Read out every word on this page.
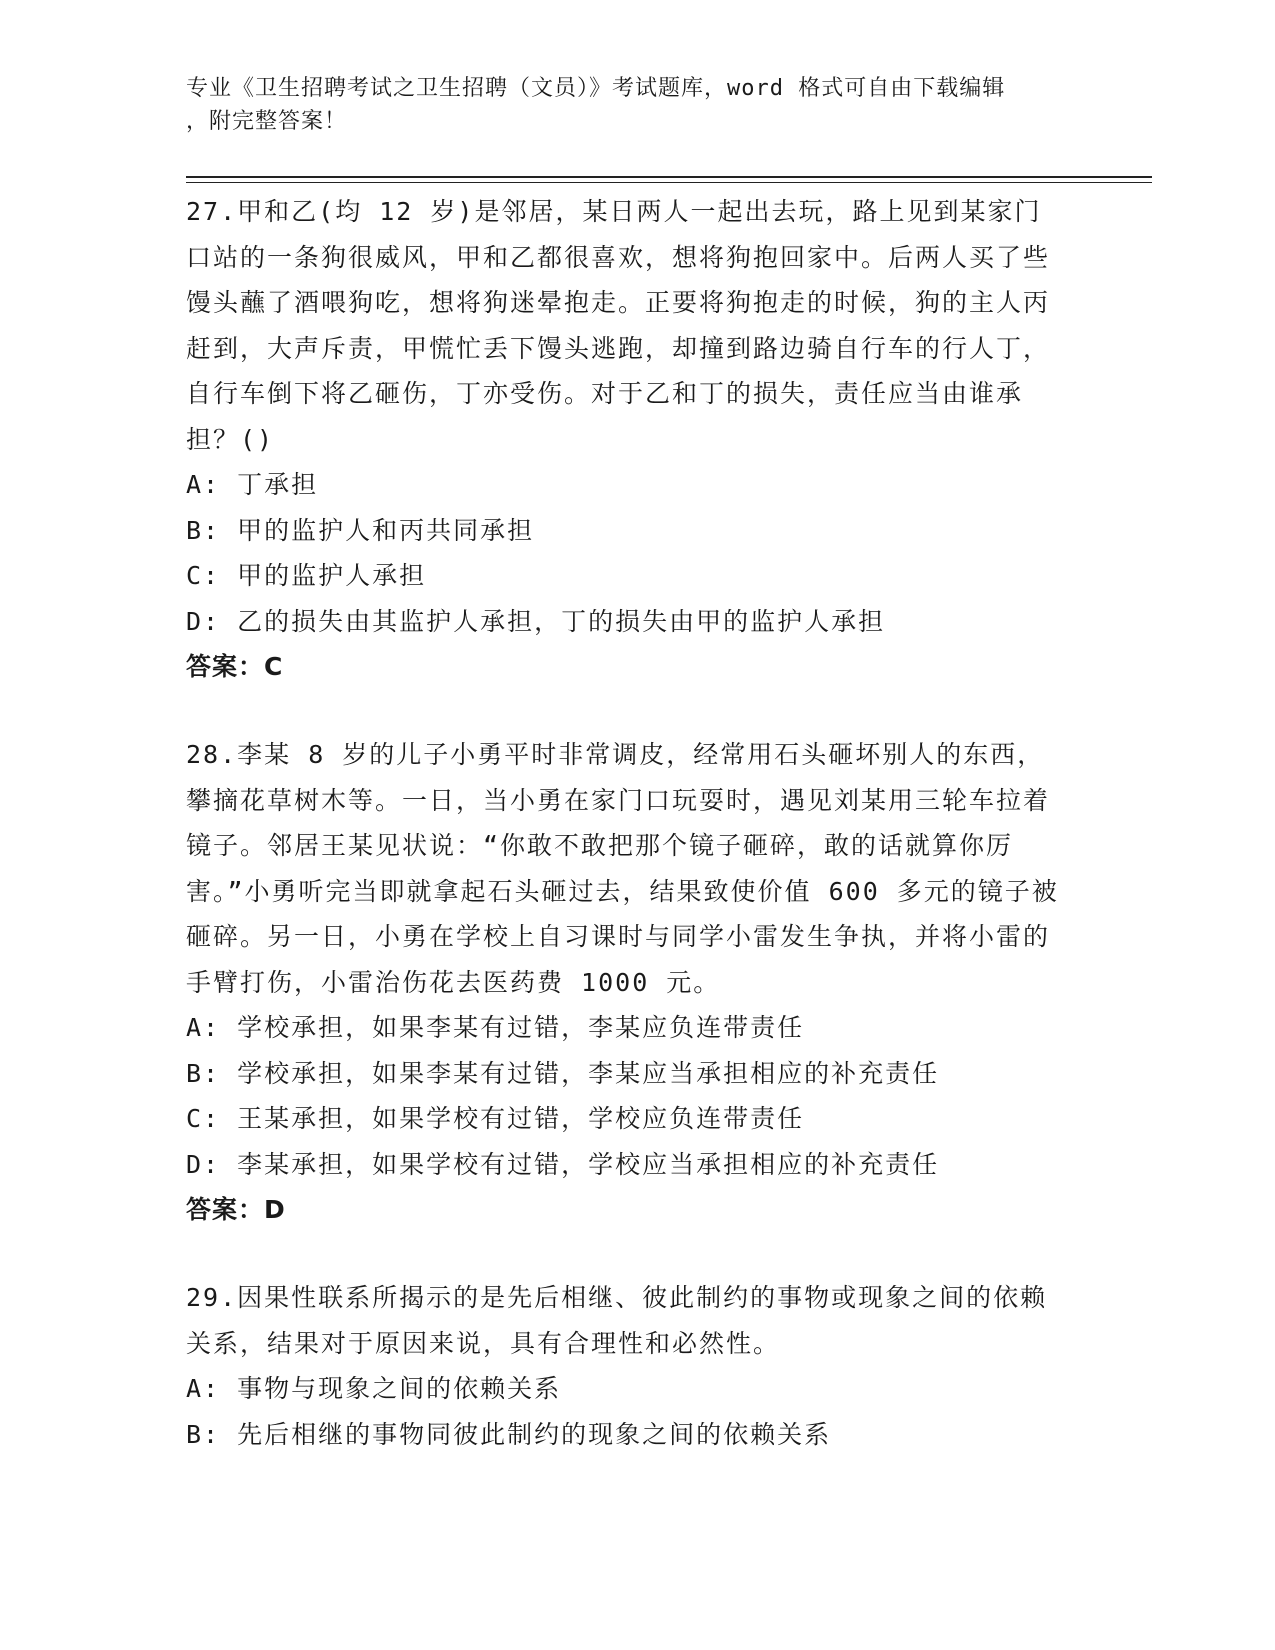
专业《卫生招聘考试之卫生招聘（文员）》考试题库，word 格式可自由下载编辑
，附完整答案！
27.甲和乙(均 12 岁)是邻居，某日两人一起出去玩，路上见到某家门口站的一条狗很威风，甲和乙都很喜欢，想将狗抱回家中。后两人买了些馒头蘸了酒喂狗吃，想将狗迷晕抱走。正要将狗抱走的时候，狗的主人丙赶到，大声斥责，甲慌忙丢下馒头逃跑，却撞到路边骑自行车的行人丁，自行车倒下将乙砸伤，丁亦受伤。对于乙和丁的损失，责任应当由谁承担？()
A: 丁承担
B: 甲的监护人和丙共同承担
C: 甲的监护人承担
D: 乙的损失由其监护人承担，丁的损失由甲的监护人承担
答案：C
28.李某 8 岁的儿子小勇平时非常调皮，经常用石头砸坏别人的东西，攀摘花草树木等。一日，当小勇在家门口玩耍时，遇见刘某用三轮车拉着镜子。邻居王某见状说：“你敢不敢把那个镜子砸碎，敢的话就算你厉害。”小勇听完当即就拿起石头砸过去，结果致使价值 600 多元的镜子被砸碎。另一日，小勇在学校上自习课时与同学小雷发生争执，并将小雷的手臂打伤，小雷治伤花去医药费 1000 元。
A: 学校承担，如果李某有过错，李某应负连带责任
B: 学校承担，如果李某有过错，李某应当承担相应的补充责任
C: 王某承担，如果学校有过错，学校应负连带责任
D: 李某承担，如果学校有过错，学校应当承担相应的补充责任
答案：D
29.因果性联系所揭示的是先后相继、彼此制约的事物或现象之间的依赖关系，结果对于原因来说，具有合理性和必然性。
A: 事物与现象之间的依赖关系
B: 先后相继的事物同彼此制约的现象之间的依赖关系
